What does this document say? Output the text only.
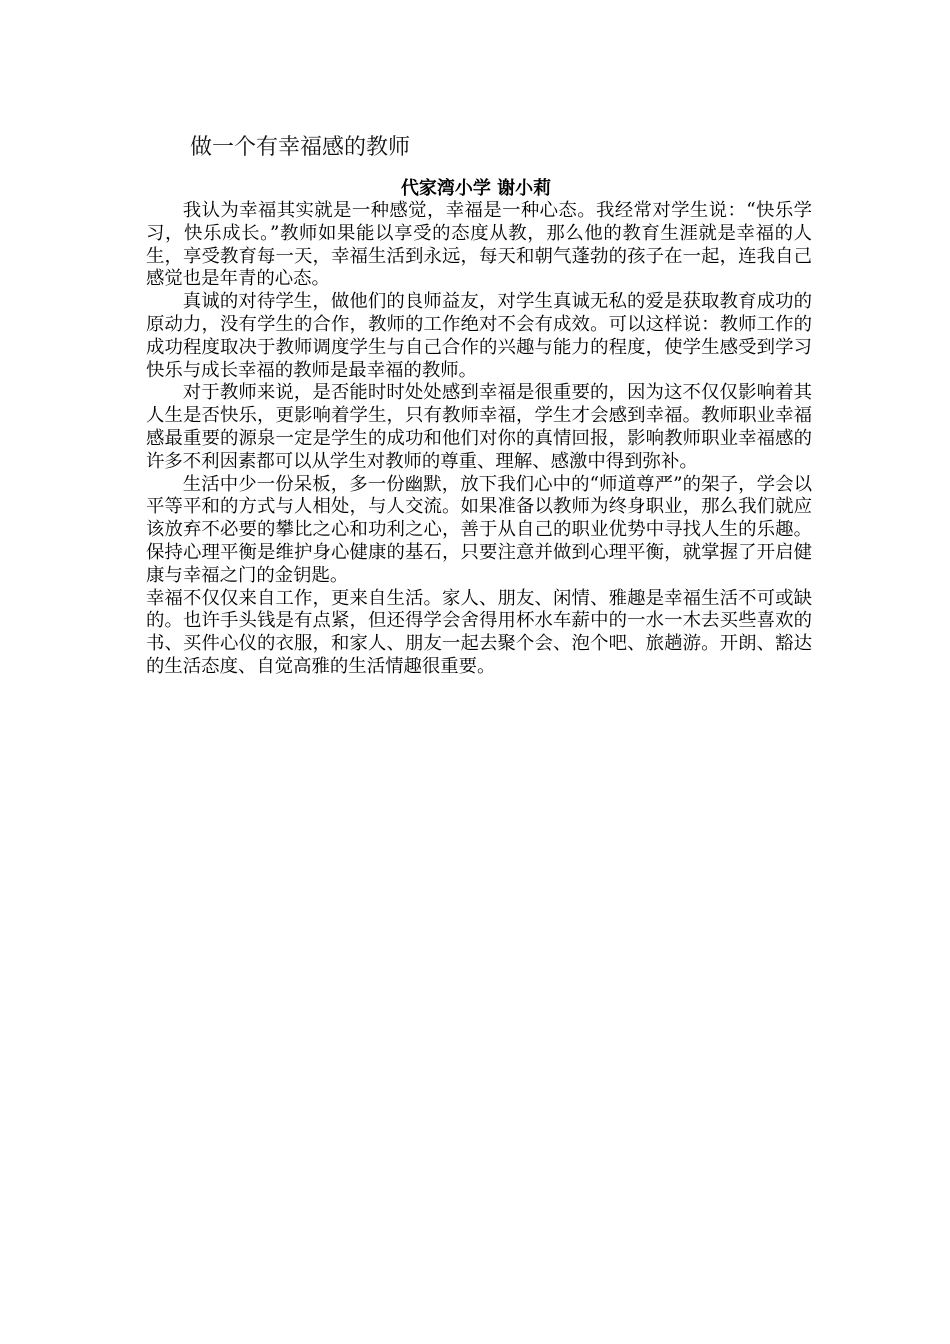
做一个有幸福感的教师
代家湾小学 谢小莉

我认为幸福其实就是一种感觉，幸福是一种心态。我经常对学生说：“快乐学习，快乐成长。”教师如果能以享受的态度从教，那么他的教育生涯就是幸福的人生，享受教育每一天，幸福生活到永远，每天和朝气蓬勃的孩子在一起，连我自己感觉也是年青的心态。

真诚的对待学生，做他们的良师益友，对学生真诚无私的爱是获取教育成功的原动力，没有学生的合作，教师的工作绝对不会有成效。可以这样说：教师工作的成功程度取决于教师调度学生与自己合作的兴趣与能力的程度，使学生感受到学习快乐与成长幸福的教师是最幸福的教师。

对于教师来说，是否能时时处处感到幸福是很重要的，因为这不仅仅影响着其人生是否快乐，更影响着学生，只有教师幸福，学生才会感到幸福。教师职业幸福感最重要的源泉一定是学生的成功和他们对你的真情回报，影响教师职业幸福感的许多不利因素都可以从学生对教师的尊重、理解、感激中得到弥补。

生活中少一份呆板，多一份幽默，放下我们心中的“师道尊严”的架子，学会以平等平和的方式与人相处，与人交流。如果准备以教师为终身职业，那么我们就应该放弃不必要的攀比之心和功利之心，善于从自己的职业优势中寻找人生的乐趣。保持心理平衡是维护身心健康的基石，只要注意并做到心理平衡，就掌握了开启健康与幸福之门的金钥匙。

幸福不仅仅来自工作，更来自生活。家人、朋友、闲情、雅趣是幸福生活不可或缺的。也许手头钱是有点紧，但还得学会舍得用杯水车薪中的一水一木去买些喜欢的书、买件心仪的衣服，和家人、朋友一起去聚个会、泡个吧、旅趟游。开朗、豁达的生活态度、自觉高雅的生活情趣很重要。
